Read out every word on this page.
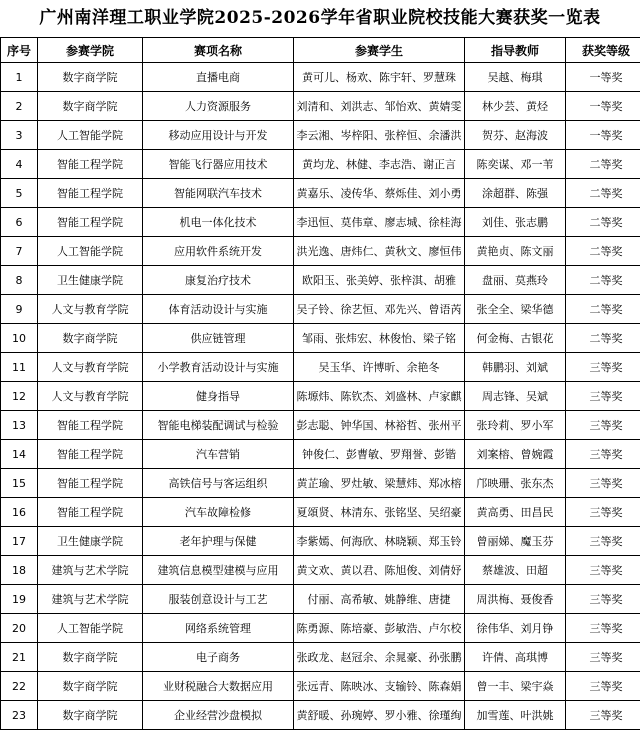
广州南洋理工职业学院2025-2026学年省职业院校技能大赛获奖一览表
序号	参赛学院	赛项名称	参赛学生	指导教师	获奖等级
1	数字商学院	直播电商	黄可儿、杨欢、陈宇轩、罗慧珠	吴越、梅琪	一等奖
2	数字商学院	人力资源服务	刘清和、刘洪志、邹怡欢、黄婧雯	林少芸、黄烃	一等奖
3	人工智能学院	移动应用设计与开发	李云湘、岑梓阳、张梓恒、余潘洪	贺芬、赵海波	一等奖
4	智能工程学院	智能飞行器应用技术	黄均龙、林健、李志浩、谢正言	陈奕谋、邓一苇	二等奖
5	智能工程学院	智能网联汽车技术	黄嘉乐、凌传华、蔡烁佳、刘小勇	涂超群、陈强	二等奖
6	智能工程学院	机电一体化技术	李迅恒、莫伟章、廖志城、徐桂海	刘佳、张志鹏	二等奖
7	人工智能学院	应用软件系统开发	洪光逸、唐炜仁、黄秋文、廖恒伟	黄艳贞、陈文丽	二等奖
8	卫生健康学院	康复治疗技术	欧阳玉、张美婷、张梓淇、胡雅	盘丽、莫燕玲	二等奖
9	人文与教育学院	体育活动设计与实施	吴子铃、徐艺恒、邓先兴、曾语芮	张全全、梁华德	二等奖
10	数字商学院	供应链管理	邹雨、张炜宏、林俊怡、梁子铭	何金梅、古银花	二等奖
11	人文与教育学院	小学教育活动设计与实施	吴玉华、许博昕、余艳冬	韩鹏羽、刘斌	三等奖
12	人文与教育学院	健身指导	陈塬炜、陈钦杰、刘盛林、卢家麒	周志锋、吴斌	三等奖
13	智能工程学院	智能电梯装配调试与检验	彭志聪、钟华国、林裕哲、张州平	张玲莉、罗小军	三等奖
14	智能工程学院	汽车营销	钟俊仁、彭曹敏、罗翔誉、彭锴	刘案榕、曾婉霞	三等奖
15	智能工程学院	高铁信号与客运组织	黄芷瑜、罗灶敏、梁慧炜、郑冰榕	邝映珊、张东杰	三等奖
16	智能工程学院	汽车故障检修	夏頌贤、林清东、张铭坚、吴绍豪	黄高勇、田昌民	三等奖
17	卫生健康学院	老年护理与保健	李紫嫣、何海欣、林晓颖、郑玉铃	曾丽娣、魔玉芬	三等奖
18	建筑与艺术学院	建筑信息模型建模与应用	黄文欢、黄以君、陈旭俊、刘倩妤	蔡雄波、田超	三等奖
19	建筑与艺术学院	服装创意设计与工艺	付丽、高希敏、姚静维、唐捷	周洪梅、聂俊香	三等奖
20	人工智能学院	网络系统管理	陈勇源、陈培豪、彭敏浩、卢尔校	徐伟华、刘月铮	三等奖
21	数字商学院	电子商务	张政龙、赵冠余、余晁豪、孙张鹏	许倩、高琪博	三等奖
22	数字商学院	业财税融合大数据应用	张远青、陈映冰、支输铃、陈森娟	曾一丰、梁宇焱	三等奖
23	数字商学院	企业经营沙盘模拟	黄舒暖、孙琬婷、罗小雅、徐瑾绚	加雪莲、叶洪姚	三等奖
